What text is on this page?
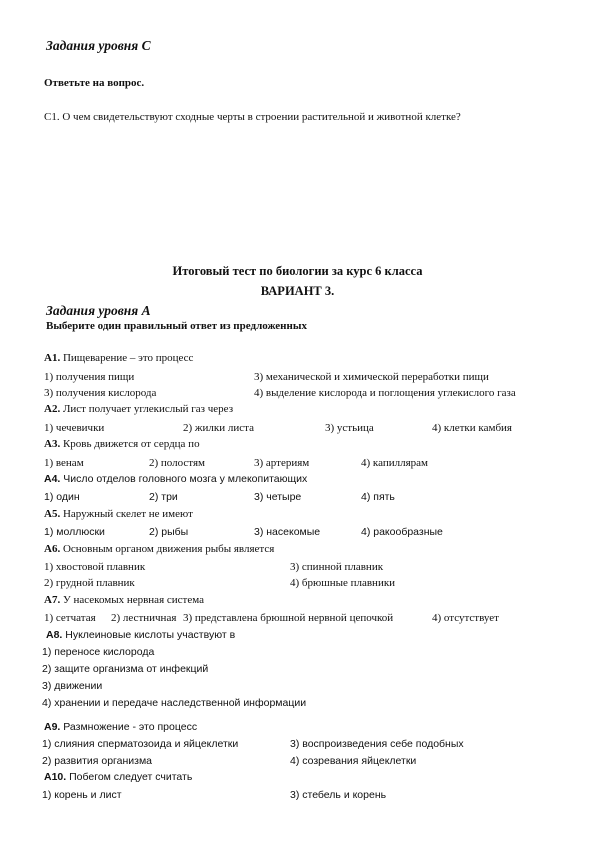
Задания уровня С
Ответьте на вопрос.
С1. О чем свидетельствуют сходные черты в строении растительной и животной клетке?
Итоговый тест по биологии за курс 6 класса
ВАРИАНТ 3.
Задания уровня А
Выберите один правильный ответ из предложенных
А1. Пищеварение – это процесс
1) получения пищи	3) механической и химической переработки пищи
3) получения кислорода	4) выделение кислорода и поглощения углекислого газа
А2. Лист получает углекислый газ через
1) чечевички	2) жилки листа	3) устьица	4) клетки камбия
А3. Кровь движется от сердца по
1) венам	2) полостям	3) артериям	4) капиллярам
А4. Число отделов головного мозга у млекопитающих
1) один	2) три	3) четыре	4) пять
А5. Наружный скелет не имеют
1) моллюски	2) рыбы	3) насекомые	4) ракообразные
А6. Основным органом движения рыбы является
1) хвостовой плавник	3) спинной плавник
2) грудной плавник	4) брюшные плавники
А7. У насекомых нервная система
1) сетчатая 2) лестничная 3) представлена брюшной нервной цепочкой	4) отсутствует
А8. Нуклеиновые кислоты участвуют в
1) переносе кислорода
2) защите организма от инфекций
3) движении
4) хранении и передаче наследственной информации
А9. Размножение - это процесс
1) слияния сперматозоида и яйцеклетки	3) воспроизведения себе подобных
2) развития организма	4) созревания яйцеклетки
А10. Побегом следует считать
1) корень и лист	3) стебель и корень
